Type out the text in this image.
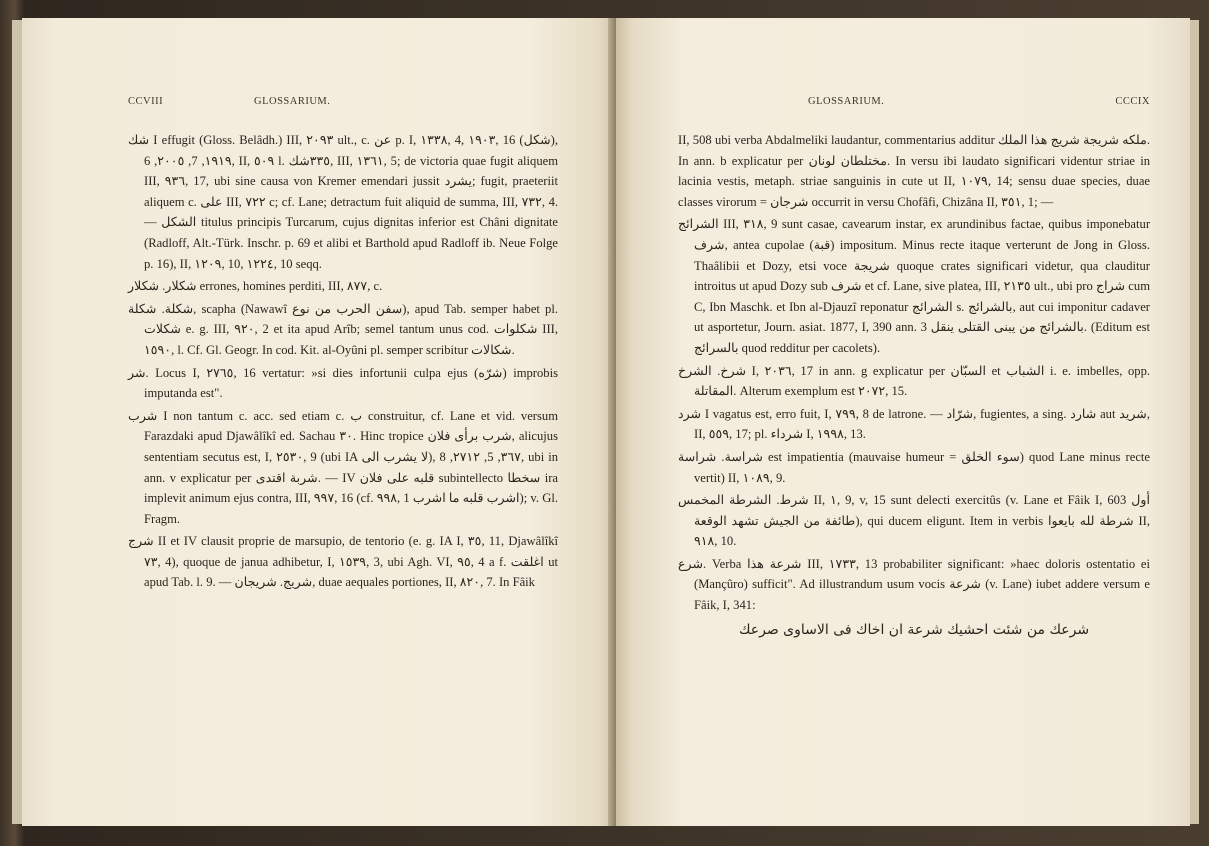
CCVIII	GLOSSARIUM.

شك I effugit (Gloss. Belâdh.) III, ٢٠٩٣ ult., c. عن p. I, ١٣٣٨, 4, ١٩٠٣, 16 (شكل), ١٩١٩, 7, ٢٠٠٥, 6, II, ٥٠٩ l. ٣٣٥شك, III, ١٣٦١, 5; de victoria quae fugit aliquem III, ٩٣٦, 17, ubi sine causa von Kremer emendari jussit يشرد; fugit, praeteriit aliquem c. على III, ٧٢٢ c; cf. Lane; detractum fuit aliquid de summa, III, ٧٣٢, 4. — الشكل titulus principis Turcarum, cujus dignitas inferior est Châni dignitate (Radloff, Alt.-Türk. Inschr. p. 69 et alibi et Barthold apud Radloff ib. Neue Folge p. 16), II, ١٢٠٩, 10, ١٢٢٤, 10 seqq.

شكلار. شكلار errones, homines perditi, III, ٨٧٧, c.

شكلة. شكلة, scapha (Nawawî سفن الحرب من نوع), apud Tab. semper habet pl. شكلات e. g. III, ٩٢٠, 2 et ita apud Arîb; semel tantum unus cod. شكلوات III, ١٥٩٠, l. Cf. Gl. Geogr. In cod. Kit. al-Oyûni pl. semper scribitur شكالات.

شر. Locus I, ٢٧٦٥, 16 vertatur: »si dies infortunii culpa ejus (شرّه) improbis imputanda est".

شرب I non tantum c. acc. sed etiam c. ب construitur, cf. Lane et vid. versum Farazdaki apud Djawâlîkî ed. Sachau ٣٠. Hinc tropice شرب برأى فلان, alicujus sententiam secutus est, I, ٢٥٣٠, 9 (ubi IA لا يشرب الى), ٣٦٧, 5, ٢٧١٢, 8, ubi in ann. v explicatur per شربة اقتدى. — IV قلبه على فلان subintellecto سخطا ira implevit animum ejus contra, III, ٩٩٧, 16 (cf. ٩٩٨, 1 اشرب قلبه ما اشرب); v. Gl. Fragm.

شرج II et IV clausit proprie de marsupio, de tentorio (e. g. IA I, ٣٥, 11, Djawâlîkî ٧٣, 4), quoque de janua adhibetur, I, ١٥٣٩, 3, ubi Agh. VI, ٩٥, 4 a f. اغلقت ut apud Tab. l. 9. — شريج. شريجان, duae aequales portiones, II, ٨٢٠, 7. In Fâik

GLOSSARIUM.	CCCIX

II, 508 ubi verba Abdalmeliki laudantur, commentarius additur ملكه شريجة شريج هذا الملك. In ann. b explicatur per مختلطان لونان. In versu ibi laudato significari videntur striae in lacinia vestis, metaph. striae sanguinis in cute ut II, ١٠٧٩, 14; sensu duae species, duae classes virorum = شرجان occurrit in versu Chofâfi, Chizâna II, ٣٥١, 1; —

الشرائج III, ٣١٨, 9 sunt casae, cavearum instar, ex arundinibus factae, quibus imponebatur شرف, antea cupolae (قبة) impositum. Minus recte itaque verterunt de Jong in Gloss. Thaâlibii et Dozy, etsi voce شريجة quoque crates significari videtur, qua clauditur introitus ut apud Dozy sub شرف et cf. Lane, sive platea, III, ٢١٣٥ ult., ubi pro شراج cum C, Ibn Maschk. et Ibn al-Djauzî reponatur الشرائج s. بالشرائج, aut cui imponitur cadaver ut asportetur, Journ. asiat. 1877, I, 390 ann. 3 بالشرائج من يبنى القتلى ينقل. (Editum est بالسرائج quod redditur per cacolets).

شرخ. الشرخ I, ٢٠٣٦, 17 in ann. g explicatur per السبّان et الشباب i. e. imbelles, opp. المقاتلة. Alterum exemplum est ٢٠٧٢, 15.

شرد I vagatus est, erro fuit, I, ٧٩٩, 8 de latrone. — شرّاد, fugientes, a sing. شارد aut شريد, II, ٥٥٩, 17; pl. شرداء I, ١٩٩٨, 13.

شراسة. شراسة est impatientia (mauvaise humeur = سوء الخلق) quod Lane minus recte vertit) II, ١٠٨٩, 9.

شرط. الشرطة المخمس II, ١, 9, v, 15 sunt delecti exercitûs (v. Lane et Fâik I, 603 أول طائفة من الجيش تشهد الوقعة), qui ducem eligunt. Item in verbis شرطة لله بايعوا II, ٩١٨, 10.

شرع. Verba شرعة هذا III, ١٧٣٣, 13 probabiliter significant: »haec doloris ostentatio ei (Mançûro) sufficit". Ad illustrandum usum vocis شرعة (v. Lane) iubet addere versum e Fâik, I, 341:

شرعك من شئت احشيك شرعة ان اخاك فى الاساوى صرعك
